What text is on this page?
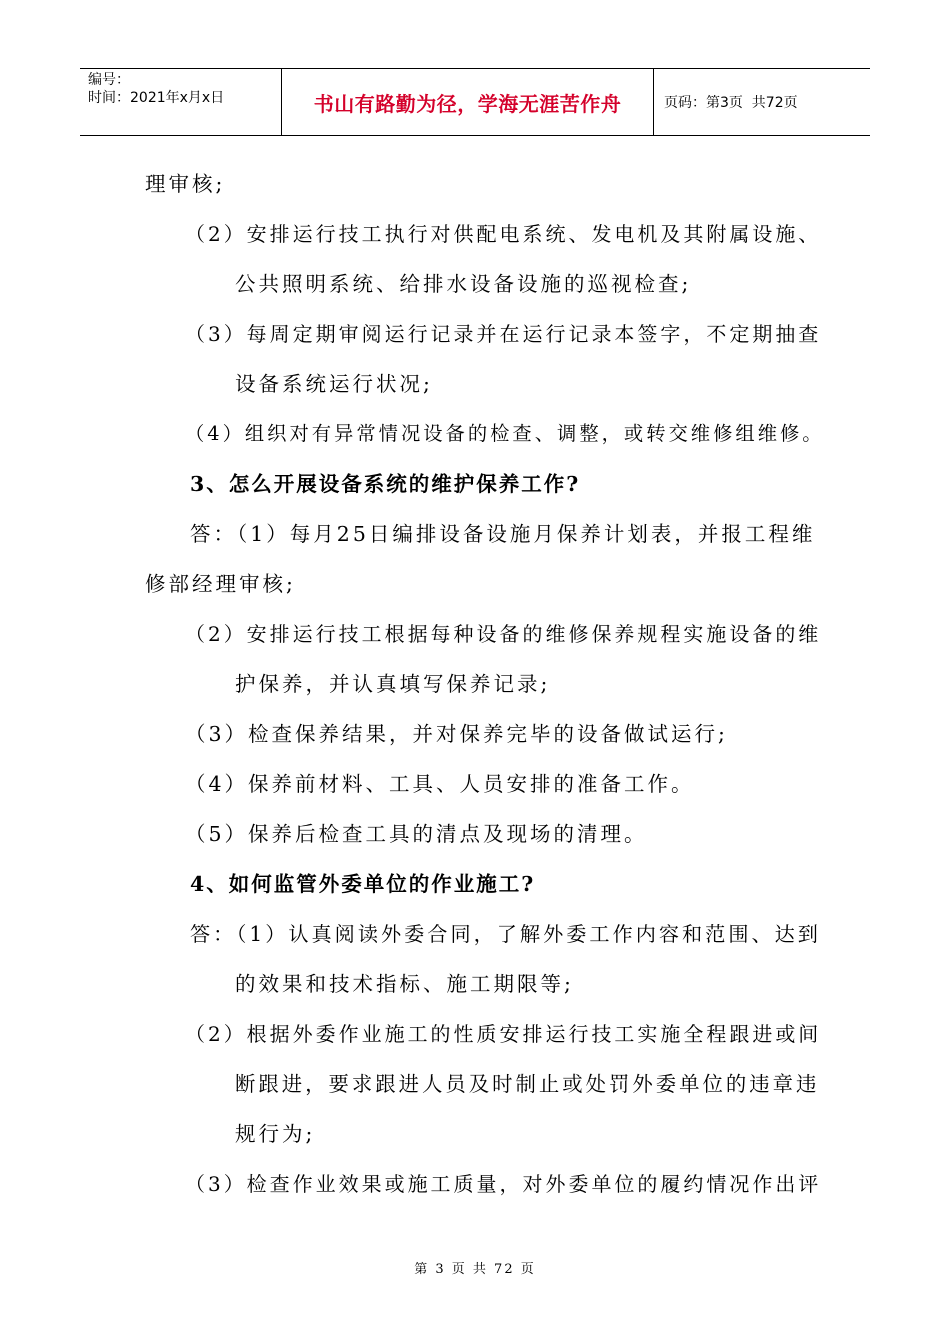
编号：
时间：2021年x月x日	书山有路勤为径，学海无涯苦作舟	页码：第3页  共72页
理审核;
（2）安排运行技工执行对供配电系统、发电机及其附属设施、
公共照明系统、给排水设备设施的巡视检查;
（3）每周定期审阅运行记录并在运行记录本签字，不定期抽查
设备系统运行状况;
（4）组织对有异常情况设备的检查、调整，或转交维修组维修。
3、怎么开展设备系统的维护保养工作?
答：（1）每月25日编排设备设施月保养计划表，并报工程维
修部经理审核;
（2）安排运行技工根据每种设备的维修保养规程实施设备的维
护保养，并认真填写保养记录;
（3）检查保养结果，并对保养完毕的设备做试运行;
（4）保养前材料、工具、人员安排的准备工作。
（5）保养后检查工具的清点及现场的清理。
4、如何监管外委单位的作业施工?
答：（1）认真阅读外委合同，了解外委工作内容和范围、达到
的效果和技术指标、施工期限等;
（2）根据外委作业施工的性质安排运行技工实施全程跟进或间
断跟进，要求跟进人员及时制止或处罚外委单位的违章违
规行为;
（3）检查作业效果或施工质量，对外委单位的履约情况作出评
第 3 页 共 72 页
